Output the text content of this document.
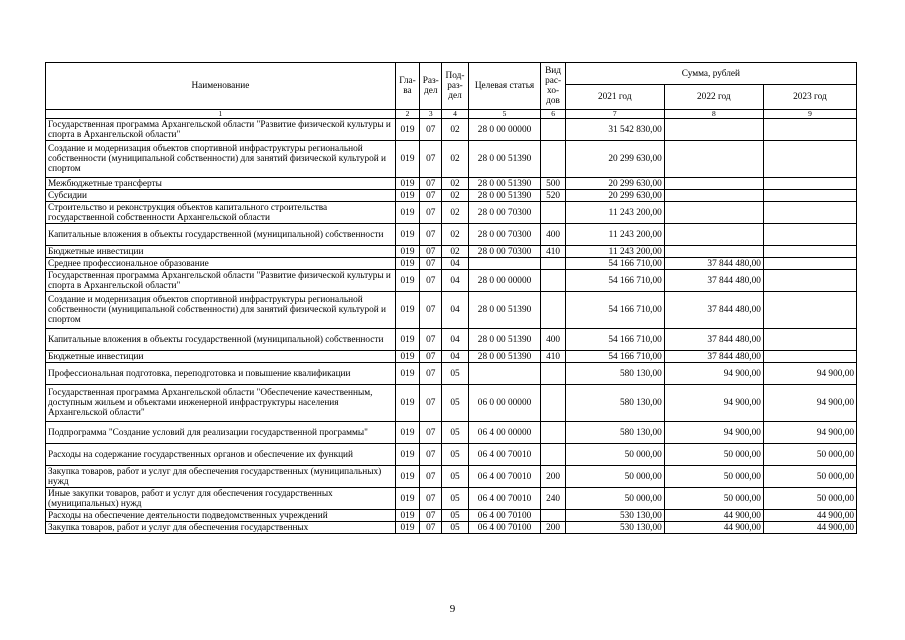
Наименование	Гла-ва	Раз-дел	Под-раз-дел	Целевая статья	Вид рас-хо-дов	Сумма, рублей		
						2021 год	2022 год	2023 год
1	2	3	4	5	6	7	8	9
Государственная программа Архангельской области "Развитие физической культуры и спорта в Архангельской области"	019	07	02	28 0 00 00000		31 542 830,00		
Создание и модернизация объектов спортивной инфраструктуры региональной собственности (муниципальной собственности) для занятий физической культурой и спортом	019	07	02	28 0 00 51390		20 299 630,00		
Межбюджетные трансферты	019	07	02	28 0 00 51390	500	20 299 630,00		
Субсидии	019	07	02	28 0 00 51390	520	20 299 630,00		
Строительство и реконструкция объектов капитального строительства государственной собственности Архангельской области	019	07	02	28 0 00 70300		11 243 200,00		
Капитальные вложения в объекты государственной (муниципальной) собственности	019	07	02	28 0 00 70300	400	11 243 200,00		
Бюджетные инвестиции	019	07	02	28 0 00 70300	410	11 243 200,00		
Среднее профессиональное образование	019	07	04			54 166 710,00	37 844 480,00	
Государственная программа Архангельской области "Развитие физической культуры и спорта в Архангельской области"	019	07	04	28 0 00 00000		54 166 710,00	37 844 480,00	
Создание и модернизация объектов спортивной инфраструктуры региональной собственности (муниципальной собственности) для занятий физической культурой и спортом	019	07	04	28 0 00 51390		54 166 710,00	37 844 480,00	
Капитальные вложения в объекты государственной (муниципальной) собственности	019	07	04	28 0 00 51390	400	54 166 710,00	37 844 480,00	
Бюджетные инвестиции	019	07	04	28 0 00 51390	410	54 166 710,00	37 844 480,00	
Профессиональная подготовка, переподготовка и повышение квалификации	019	07	05			580 130,00	94 900,00	94 900,00
Государственная программа Архангельской области "Обеспечение качественным, доступным жильем и объектами инженерной инфраструктуры населения Архангельской области"	019	07	05	06 0 00 00000		580 130,00	94 900,00	94 900,00
Подпрограмма "Создание условий для реализации государственной программы"	019	07	05	06 4 00 00000		580 130,00	94 900,00	94 900,00
Расходы на содержание государственных органов и обеспечение их функций	019	07	05	06 4 00 70010		50 000,00	50 000,00	50 000,00
Закупка товаров, работ и услуг для обеспечения государственных (муниципальных) нужд	019	07	05	06 4 00 70010	200	50 000,00	50 000,00	50 000,00
Иные закупки товаров, работ и услуг для обеспечения государственных (муниципальных) нужд	019	07	05	06 4 00 70010	240	50 000,00	50 000,00	50 000,00
Расходы на обеспечение деятельности подведомственных учреждений	019	07	05	06 4 00 70100		530 130,00	44 900,00	44 900,00
Закупка товаров, работ и услуг для обеспечения государственных	019	07	05	06 4 00 70100	200	530 130,00	44 900,00	44 900,00
9
